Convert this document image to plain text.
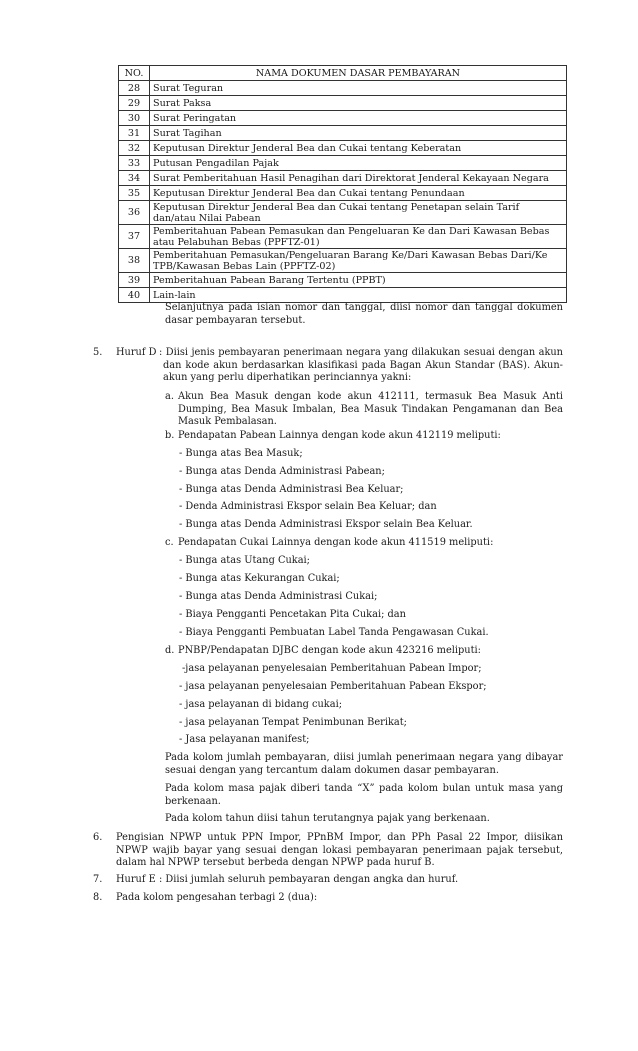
NO.	NAMA DOKUMEN DASAR PEMBAYARAN
28	Surat Teguran
29	Surat Paksa
30	Surat Peringatan
31	Surat Tagihan
32	Keputusan Direktur Jenderal Bea dan Cukai tentang Keberatan
33	Putusan Pengadilan Pajak
34	Surat Pemberitahuan Hasil Penagihan dari Direktorat Jenderal Kekayaan Negara
35	Keputusan Direktur Jenderal Bea dan Cukai tentang Penundaan
36	Keputusan Direktur Jenderal Bea dan Cukai tentang Penetapan selain Tarif dan/atau Nilai Pabean
37	Pemberitahuan Pabean Pemasukan dan Pengeluaran Ke dan Dari Kawasan Bebas atau Pelabuhan Bebas (PPFTZ-01)
38	Pemberitahuan Pemasukan/Pengeluaran Barang Ke/Dari Kawasan Bebas Dari/Ke TPB/Kawasan Bebas Lain (PPFTZ-02)
39	Pemberitahuan Pabean Barang Tertentu (PPBT)
40	Lain-lain
Selanjutnya pada isian nomor dan tanggal, diisi nomor dan tanggal dokumen dasar pembayaran tersebut.
5. Huruf D : Diisi jenis pembayaran penerimaan negara yang dilakukan sesuai dengan akun dan kode akun berdasarkan klasifikasi pada Bagan Akun Standar (BAS). Akun-akun yang perlu diperhatikan perinciannya yakni:
a. Akun Bea Masuk dengan kode akun 412111, termasuk Bea Masuk Anti Dumping, Bea Masuk Imbalan, Bea Masuk Tindakan Pengamanan dan Bea Masuk Pembalasan.
b. Pendapatan Pabean Lainnya dengan kode akun 412119 meliputi:
- Bunga atas Bea Masuk;
- Bunga atas Denda Administrasi Pabean;
- Bunga atas Denda Administrasi Bea Keluar;
- Denda Administrasi Ekspor selain Bea Keluar; dan
- Bunga atas Denda Administrasi Ekspor selain Bea Keluar.
c. Pendapatan Cukai Lainnya dengan kode akun 411519 meliputi:
- Bunga atas Utang Cukai;
- Bunga atas Kekurangan Cukai;
- Bunga atas Denda Administrasi Cukai;
- Biaya Pengganti Pencetakan Pita Cukai; dan
- Biaya Pengganti Pembuatan Label Tanda Pengawasan Cukai.
d. PNBP/Pendapatan DJBC dengan kode akun 423216 meliputi:
-jasa pelayanan penyelesaian Pemberitahuan Pabean Impor;
- jasa pelayanan penyelesaian Pemberitahuan Pabean Ekspor;
- jasa pelayanan di bidang cukai;
- jasa pelayanan Tempat Penimbunan Berikat;
- Jasa pelayanan manifest;
Pada kolom jumlah pembayaran, diisi jumlah penerimaan negara yang dibayar sesuai dengan yang tercantum dalam dokumen dasar pembayaran.
Pada kolom masa pajak diberi tanda “X” pada kolom bulan untuk masa yang berkenaan.
Pada kolom tahun diisi tahun terutangnya pajak yang berkenaan.
6. Pengisian NPWP untuk PPN Impor, PPnBM Impor, dan PPh Pasal 22 Impor, diisikan NPWP wajib bayar yang sesuai dengan lokasi pembayaran penerimaan pajak tersebut, dalam hal NPWP tersebut berbeda dengan NPWP pada huruf B.
7. Huruf E : Diisi jumlah seluruh pembayaran dengan angka dan huruf.
8. Pada kolom pengesahan terbagi 2 (dua):
